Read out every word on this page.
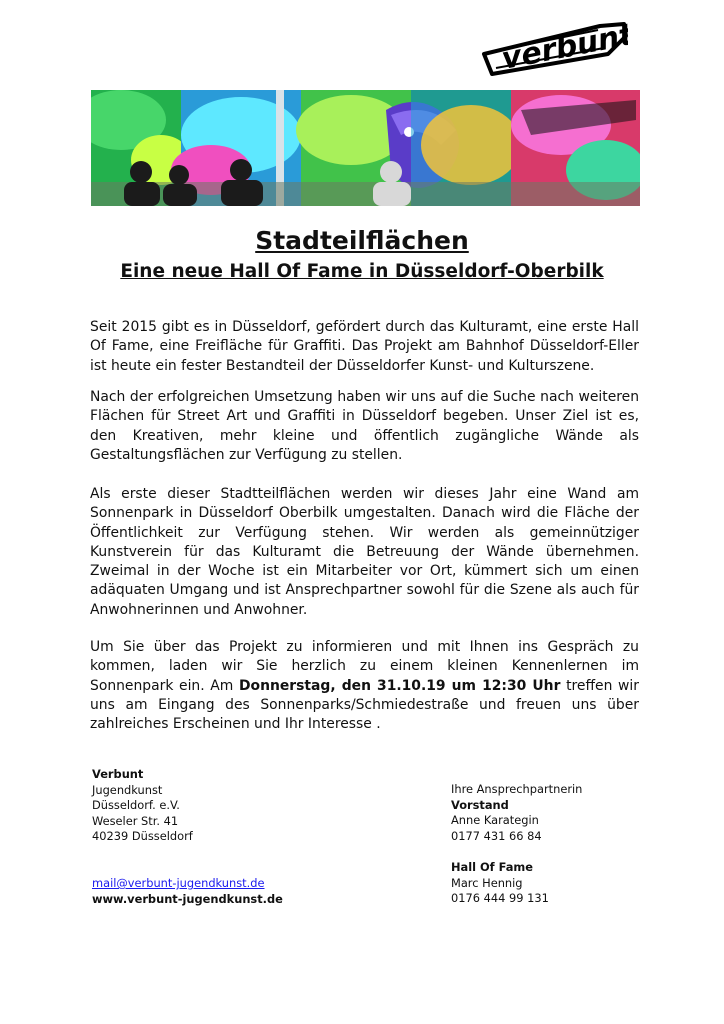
verbunt
Stadteilflächen
Eine neue Hall Of Fame in Düsseldorf-Oberbilk
Seit 2015 gibt es in Düsseldorf, gefördert durch das Kulturamt, eine erste Hall Of Fame, eine Freifläche für Graffiti. Das Projekt am Bahnhof Düsseldorf-Eller ist heute ein fester Bestandteil der Düsseldorfer Kunst- und Kulturszene.
Nach der erfolgreichen Umsetzung haben wir uns auf die Suche nach weiteren Flächen für Street Art und Graffiti in Düsseldorf begeben. Unser Ziel ist es, den Kreativen, mehr kleine und öffentlich zugängliche Wände als Gestaltungsflächen zur Verfügung zu stellen.
Als erste dieser Stadtteilflächen werden wir dieses Jahr eine Wand am Sonnenpark in Düsseldorf Oberbilk umgestalten. Danach wird die Fläche der Öffentlichkeit zur Verfügung stehen. Wir werden als gemeinnütziger Kunstverein für das Kulturamt die Betreuung der Wände übernehmen. Zweimal in der Woche ist ein Mitarbeiter vor Ort, kümmert sich um einen adäquaten Umgang und ist Ansprechpartner sowohl für die Szene als auch für Anwohnerinnen und Anwohner.
Um Sie über das Projekt zu informieren und mit Ihnen ins Gespräch zu kommen, laden wir Sie herzlich zu einem kleinen Kennenlernen im Sonnenpark ein. Am Donnerstag, den 31.10.19 um 12:30 Uhr treffen wir uns am Eingang des Sonnenparks/Schmiedestraße und freuen uns über zahlreiches Erscheinen und Ihr Interesse .
Verbunt
Jugendkunst
Düsseldorf. e.V.
Weseler Str. 41
40239 Düsseldorf
mail@verbunt-jugendkunst.de
www.verbunt-jugendkunst.de
Ihre Ansprechpartnerin
Vorstand
Anne Karategin
0177 431 66 84
Hall Of Fame
Marc Hennig
0176 444 99 131
